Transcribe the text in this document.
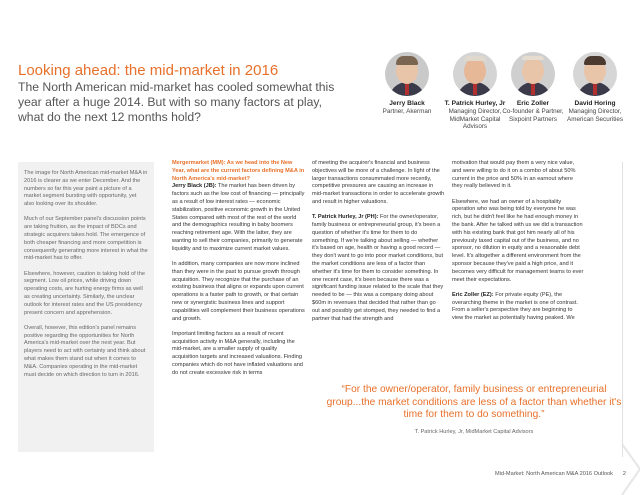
Looking ahead: the mid-market in 2016

The North American mid-market has cooled somewhat this year after a huge 2014. But with so many factors at play, what do the next 12 months hold?

Jerry Black
Partner, Akerman
T. Patrick Hurley, Jr
Managing Director, MidMarket Capital Advisors
Eric Zoller
Co-founder & Partner, Sixpoint Partners
David Horing
Managing Director, American Securities

The image for North American mid-market M&A in 2016 is clearer as we enter December. And the numbers so far this year paint a picture of a market segment bursting with opportunity, yet also looking over its shoulder.

Much of our September panel's discussion points are taking fruition, as the impact of BDCs and strategic acquirers takes hold. The emergence of both cheaper financing and more competition is consequently generating more interest in what the mid-market has to offer.

Elsewhere, however, caution is taking hold of the segment. Low oil prices, while driving down operating costs, are hurting energy firms as well as creating uncertainty. Similarly, the unclear outlook for interest rates and the US presidency present concern and apprehension.

Overall, however, this edition's panel remains positive regarding the opportunities for North America's mid-market over the next year. But players need to act with certainty and think about what makes them stand out when it comes to M&A. Companies operating in the mid-market must decide on which direction to turn in 2016.

Mergermarket (MM): As we head into the New Year, what are the current factors defining M&A in North America's mid-market?
Jerry Black (JB): The market has been driven by factors such as the low cost of financing — principally as a result of low interest rates — economic stabilization, positive economic growth in the United States compared with most of the rest of the world and the demographics resulting in baby boomers reaching retirement age. With the latter, they are wanting to sell their companies, primarily to generate liquidity and to maximize current market values.

In addition, many companies are now more inclined than they were in the past to pursue growth through acquisition. They recognize that the purchase of an existing business that aligns or expands upon current operations is a faster path to growth, or that certain new or synergistic business lines and support capabilities will complement their business operations and growth.

Important limiting factors as a result of recent acquisition activity in M&A generally, including the mid-market, are a smaller supply of quality acquisition targets and increased valuations. Finding companies which do not have inflated valuations and do not create excessive risk in terms

of meeting the acquirer's financial and business objectives will be more of a challenge. In light of the larger transactions consummated more recently, competitive pressures are causing an increase in mid-market transactions in order to accelerate growth and result in higher valuations.

T. Patrick Hurley, Jr (PH): For the owner/operator, family business or entrepreneurial group, it's been a question of whether it's time for them to do something. If we're talking about selling — whether it's based on age, health or having a good record — they don't want to go into poor market conditions, but the market conditions are less of a factor than whether it's time for them to consider something. In one recent case, it's been because there was a significant funding issue related to the scale that they needed to be — this was a company doing about $60m in revenues that decided that rather than go out and possibly get stomped, they needed to find a partner that had the strength and

motivation that would pay them a very nice value, and were willing to do it on a combo of about 50% current in the price and 50% in an earnout where they really believed in it.

Elsewhere, we had an owner of a hospitality operation who was being told by everyone he was rich, but he didn't feel like he had enough money in the bank. After he talked with us we did a transaction with his existing bank that got him nearly all of his previously taxed capital out of the business, and no sponsor, no dilution in equity and a reasonable debt level. It's altogether a different environment from the sponsor because they've paid a high price, and it becomes very difficult for management teams to ever meet their expectations.

Eric Zoller (EZ): For private equity (PE), the overarching theme in the market is one of contrast. From a seller's perspective they are beginning to view the market as potentially having peaked. We

“For the owner/operator, family business or entrepreneurial group...the market conditions are less of a factor than whether it's time for them to do something.”
T. Patrick Hurley, Jr, MidMarket Capital Advisors
Mid-Market: North American M&A 2016 Outlook 2
